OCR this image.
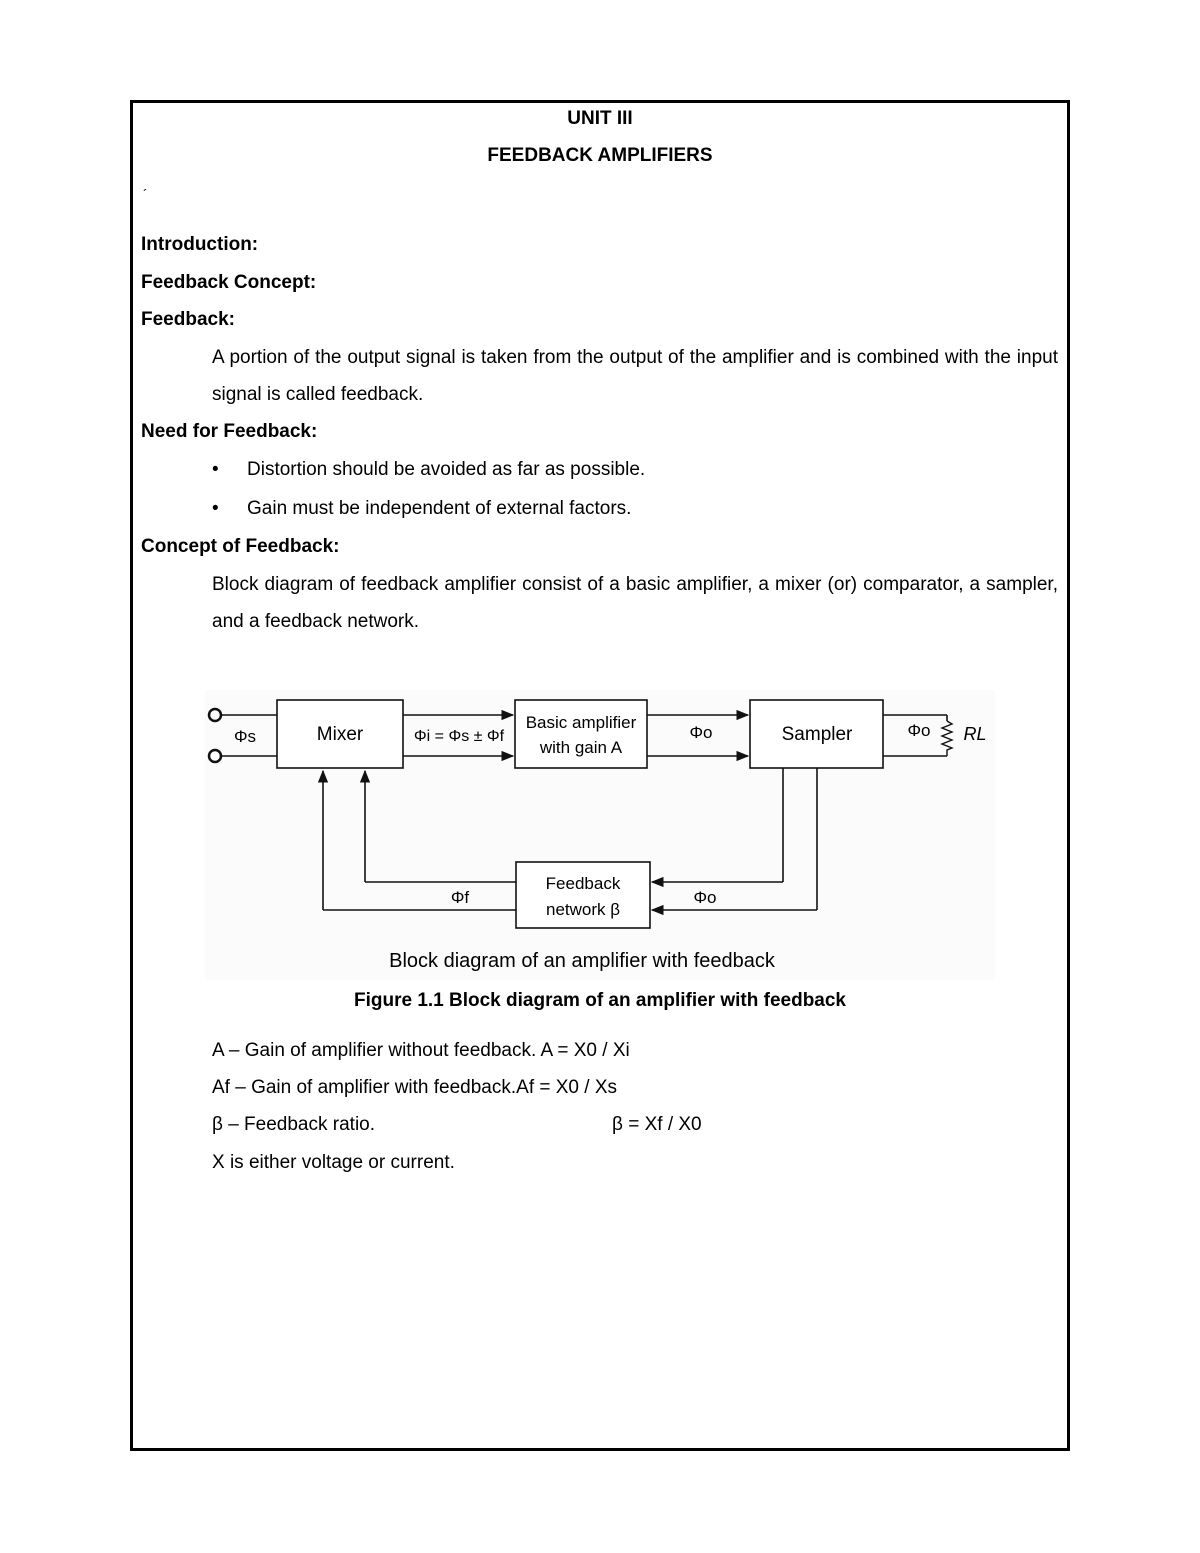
UNIT III
FEEDBACK AMPLIFIERS
´
Introduction:
Feedback Concept:
Feedback:
A portion of the output signal is taken from the output of the amplifier and is combined with the input signal is called feedback.
Need for Feedback:
• Distortion should be avoided as far as possible.
• Gain must be independent of external factors.
Concept of Feedback:
Block diagram of feedback amplifier consist of a basic amplifier, a mixer (or) comparator, a sampler, and a feedback network.
Φs	Mixer	Φi = Φs ± Φf
Basic amplifier
with gain A
Φo	Sampler	Φo RL
Φo
Feedback
network β
Φf
Block diagram of an amplifier with feedback
Figure 1.1 Block diagram of an amplifier with feedback
A – Gain of amplifier without feedback. A = X0 / Xi
Af – Gain of amplifier with feedback.Af = X0 / Xs
β – Feedback ratio.	β = Xf / X0
X is either voltage or current.
